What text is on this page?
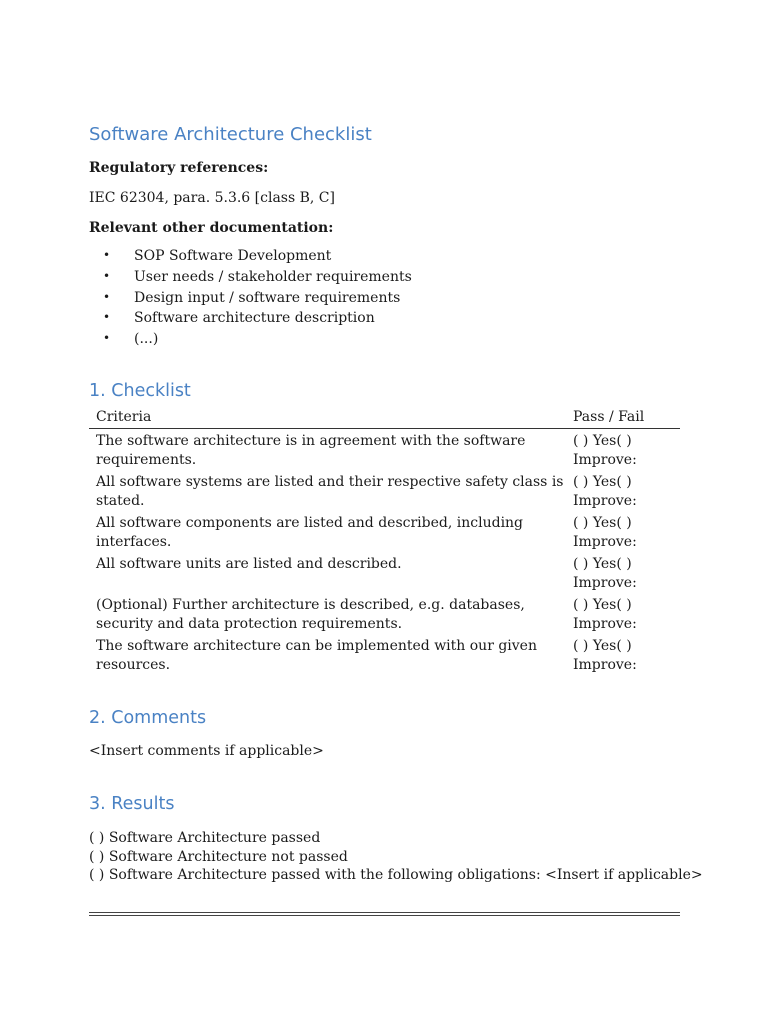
Software Architecture Checklist
Regulatory references:
IEC 62304, para. 5.3.6 [class B, C]
Relevant other documentation:
• SOP Software Development
• User needs / stakeholder requirements
• Design input / software requirements
• Software architecture description
• (...)
1. Checklist
Criteria	Pass / Fail
The software architecture is in agreement with the software requirements.
( ) Yes( )
Improve:
All software systems are listed and their respective safety class is stated.
( ) Yes( )
Improve:
All software components are listed and described, including interfaces.
( ) Yes( )
Improve:
All software units are listed and described.	( ) Yes( )
Improve:
(Optional) Further architecture is described, e.g. databases, security and data protection requirements.
( ) Yes( )
Improve:
The software architecture can be implemented with our given resources.
( ) Yes( )
Improve:
2. Comments
<Insert comments if applicable>
3. Results
( ) Software Architecture passed
( ) Software Architecture not passed
( ) Software Architecture passed with the following obligations: <Insert if applicable>
